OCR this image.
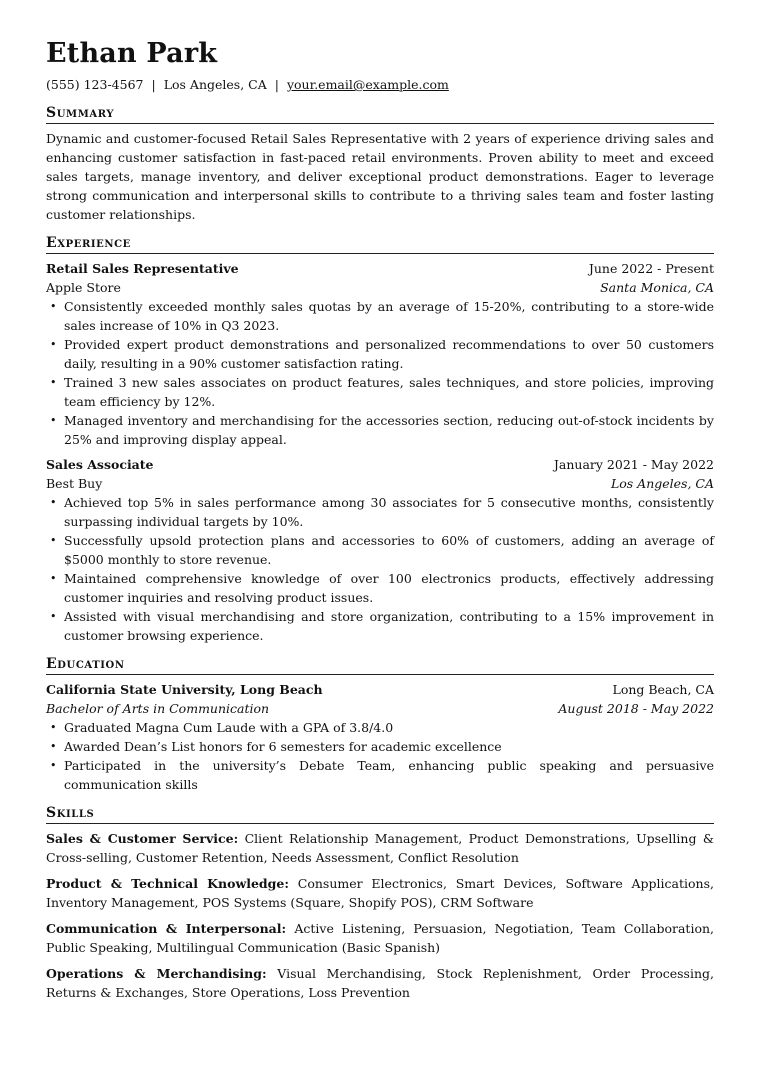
Ethan Park
(555) 123-4567 | Los Angeles, CA | your.email@example.com
Summary
Dynamic and customer-focused Retail Sales Representative with 2 years of experience driving sales and enhancing customer satisfaction in fast-paced retail environments. Proven ability to meet and exceed sales targets, manage inventory, and deliver exceptional product demonstrations. Eager to leverage strong communication and interpersonal skills to contribute to a thriving sales team and foster lasting customer relationships.
Experience
Retail Sales Representative	June 2022 - Present
Apple Store	Santa Monica, CA
• Consistently exceeded monthly sales quotas by an average of 15-20%, contributing to a store-wide sales increase of 10% in Q3 2023.
• Provided expert product demonstrations and personalized recommendations to over 50 customers daily, resulting in a 90% customer satisfaction rating.
• Trained 3 new sales associates on product features, sales techniques, and store policies, improving team efficiency by 12%.
• Managed inventory and merchandising for the accessories section, reducing out-of-stock incidents by 25% and improving display appeal.
Sales Associate	January 2021 - May 2022
Best Buy	Los Angeles, CA
• Achieved top 5% in sales performance among 30 associates for 5 consecutive months, consistently surpassing individual targets by 10%.
• Successfully upsold protection plans and accessories to 60% of customers, adding an average of $5000 monthly to store revenue.
• Maintained comprehensive knowledge of over 100 electronics products, effectively addressing customer inquiries and resolving product issues.
• Assisted with visual merchandising and store organization, contributing to a 15% improvement in customer browsing experience.
Education
California State University, Long Beach	Long Beach, CA
Bachelor of Arts in Communication	August 2018 - May 2022
• Graduated Magna Cum Laude with a GPA of 3.8/4.0
• Awarded Dean’s List honors for 6 semesters for academic excellence
• Participated in the university’s Debate Team, enhancing public speaking and persuasive communication skills
Skills
Sales & Customer Service: Client Relationship Management, Product Demonstrations, Upselling & Cross-selling, Customer Retention, Needs Assessment, Conflict Resolution
Product & Technical Knowledge: Consumer Electronics, Smart Devices, Software Applications, Inventory Management, POS Systems (Square, Shopify POS), CRM Software
Communication & Interpersonal: Active Listening, Persuasion, Negotiation, Team Collaboration, Public Speaking, Multilingual Communication (Basic Spanish)
Operations & Merchandising: Visual Merchandising, Stock Replenishment, Order Processing, Returns & Exchanges, Store Operations, Loss Prevention
